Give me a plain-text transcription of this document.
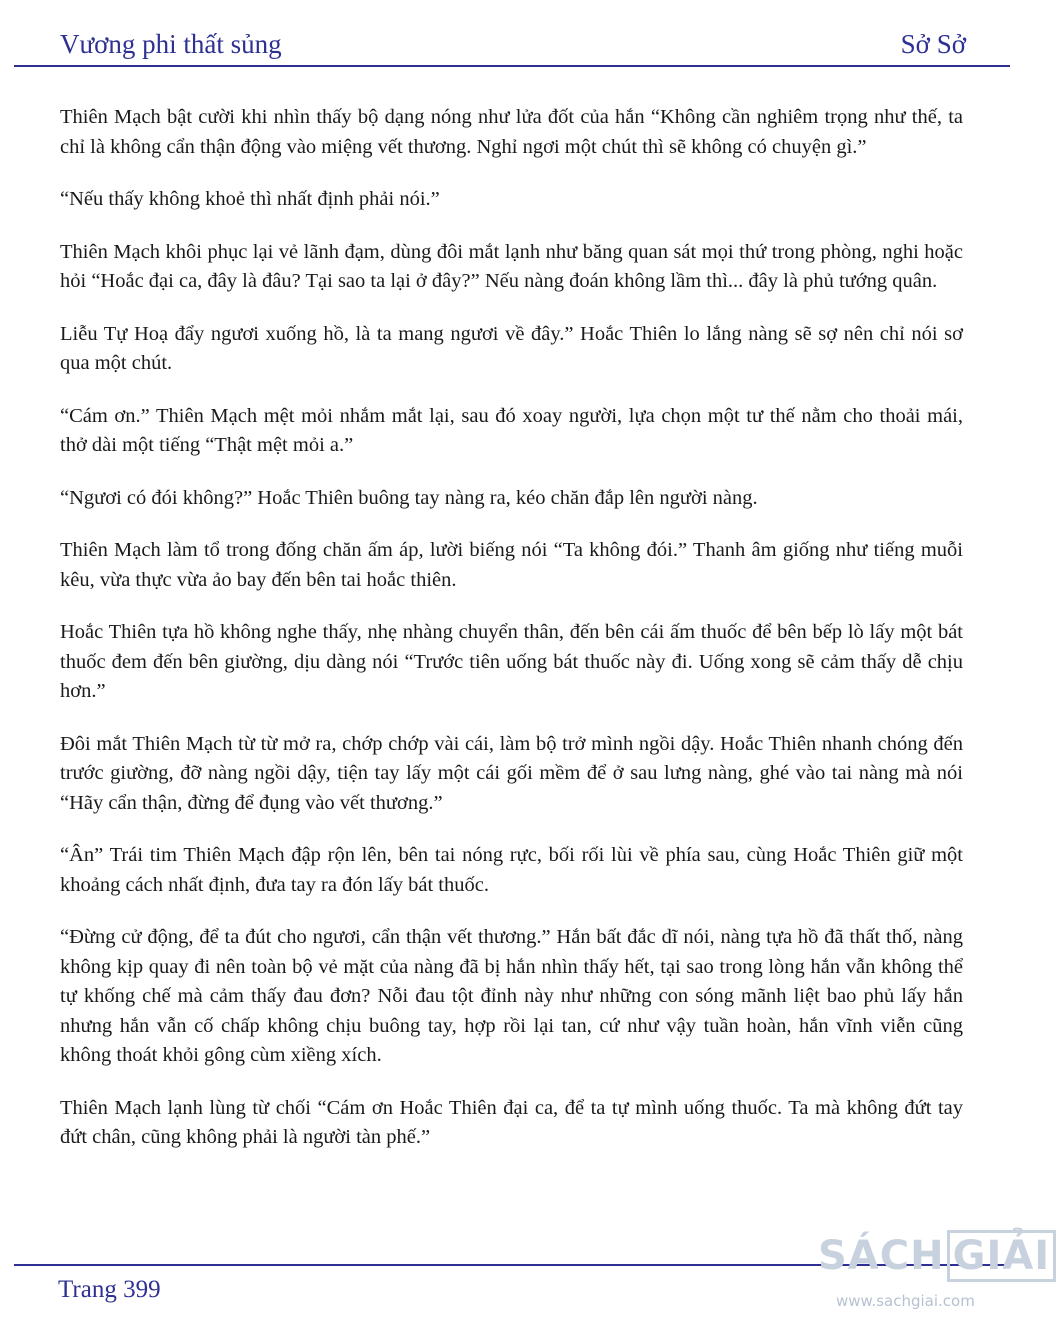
Vương phi thất sủng	Sở Sở

Thiên Mạch bật cười khi nhìn thấy bộ dạng nóng như lửa đốt của hắn “Không cần nghiêm trọng như thế, ta chỉ là không cẩn thận động vào miệng vết thương. Nghỉ ngơi một chút thì sẽ không có chuyện gì.”

“Nếu thấy không khoẻ thì nhất định phải nói.”

Thiên Mạch khôi phục lại vẻ lãnh đạm, dùng đôi mắt lạnh như băng quan sát mọi thứ trong phòng, nghi hoặc hỏi “Hoắc đại ca, đây là đâu? Tại sao ta lại ở đây?” Nếu nàng đoán không lầm thì... đây là phủ tướng quân.

Liễu Tự Hoạ đẩy ngươi xuống hồ, là ta mang ngươi về đây.” Hoắc Thiên lo lắng nàng sẽ sợ nên chỉ nói sơ qua một chút.

“Cám ơn.” Thiên Mạch mệt mỏi nhắm mắt lại, sau đó xoay người, lựa chọn một tư thế nằm cho thoải mái, thở dài một tiếng “Thật mệt mỏi a.”

“Ngươi có đói không?” Hoắc Thiên buông tay nàng ra, kéo chăn đắp lên người nàng.

Thiên Mạch làm tổ trong đống chăn ấm áp, lười biếng nói “Ta không đói.” Thanh âm giống như tiếng muỗi kêu, vừa thực vừa ảo bay đến bên tai hoắc thiên.

Hoắc Thiên tựa hồ không nghe thấy, nhẹ nhàng chuyển thân, đến bên cái ấm thuốc để bên bếp lò lấy một bát thuốc đem đến bên giường, dịu dàng nói “Trước tiên uống bát thuốc này đi. Uống xong sẽ cảm thấy dễ chịu hơn.”

Đôi mắt Thiên Mạch từ từ mở ra, chớp chớp vài cái, làm bộ trở mình ngồi dậy. Hoắc Thiên nhanh chóng đến trước giường, đỡ nàng ngồi dậy, tiện tay lấy một cái gối mềm để ở sau lưng nàng, ghé vào tai nàng mà nói “Hãy cẩn thận, đừng để đụng vào vết thương.”

“Ân” Trái tim Thiên Mạch đập rộn lên, bên tai nóng rực, bối rối lùi về phía sau, cùng Hoắc Thiên giữ một khoảng cách nhất định, đưa tay ra đón lấy bát thuốc.

“Đừng cử động, để ta đút cho ngươi, cẩn thận vết thương.” Hắn bất đắc dĩ nói, nàng tựa hồ đã thất thố, nàng không kịp quay đi nên toàn bộ vẻ mặt của nàng đã bị hắn nhìn thấy hết, tại sao trong lòng hắn vẫn không thể tự khống chế mà cảm thấy đau đơn? Nỗi đau tột đỉnh này như những con sóng mãnh liệt bao phủ lấy hắn nhưng hắn vẫn cố chấp không chịu buông tay, hợp rồi lại tan, cứ như vậy tuần hoàn, hắn vĩnh viễn cũng không thoát khỏi gông cùm xiềng xích.

Thiên Mạch lạnh lùng từ chối “Cám ơn Hoắc Thiên đại ca, để ta tự mình uống thuốc. Ta mà không đứt tay đứt chân, cũng không phải là người tàn phế.”

Trang 399
SÁCH GIẢI
www.sachgiai.com
